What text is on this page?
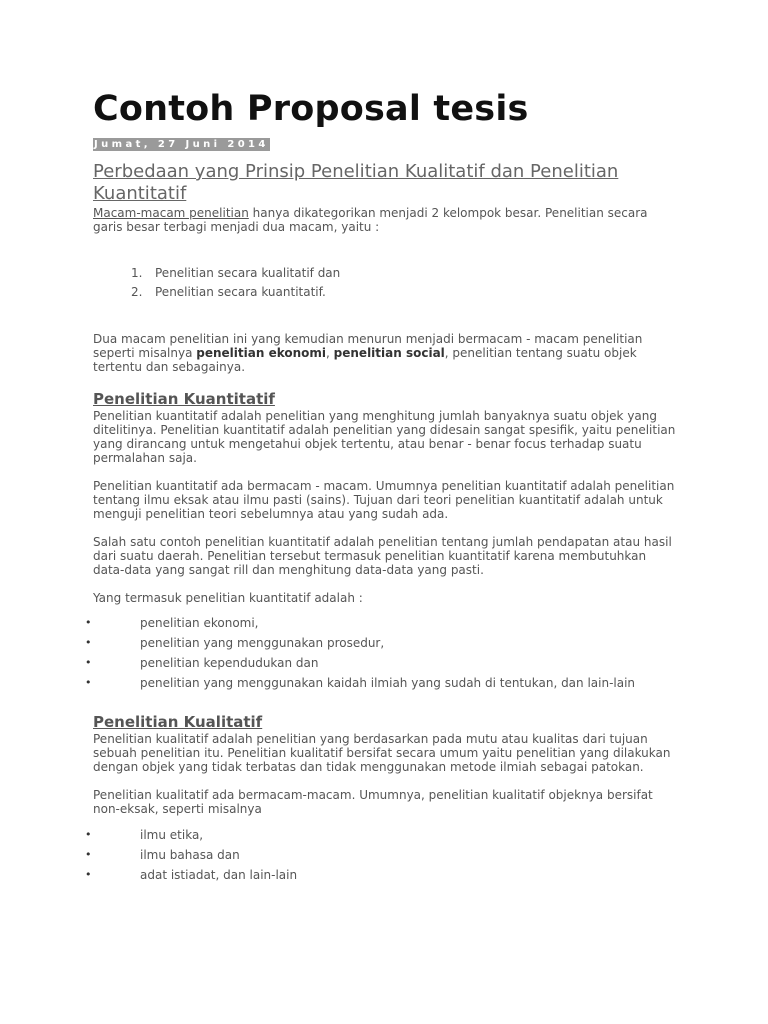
Contoh Proposal tesis
Jumat, 27 Juni 2014
Perbedaan yang Prinsip Penelitian Kualitatif dan Penelitian Kuantitatif

Macam-macam penelitian hanya dikategorikan menjadi 2 kelompok besar. Penelitian secara garis besar terbagi menjadi dua macam, yaitu :

1. Penelitian secara kualitatif dan
2. Penelitian secara kuantitatif.

Dua macam penelitian ini yang kemudian menurun menjadi bermacam - macam penelitian seperti misalnya penelitian ekonomi, penelitian social, penelitian tentang suatu objek tertentu dan sebagainya.

Penelitian Kuantitatif

Penelitian kuantitatif adalah penelitian yang menghitung jumlah banyaknya suatu objek yang ditelitinya. Penelitian kuantitatif adalah penelitian yang didesain sangat spesifik, yaitu penelitian yang dirancang untuk mengetahui objek tertentu, atau benar - benar focus terhadap suatu permalahan saja.

Penelitian kuantitatif ada bermacam - macam. Umumnya penelitian kuantitatif adalah penelitian tentang ilmu eksak atau ilmu pasti (sains). Tujuan dari teori penelitian kuantitatif adalah untuk menguji penelitian teori sebelumnya atau yang sudah ada.

Salah satu contoh penelitian kuantitatif adalah penelitian tentang jumlah pendapatan atau hasil dari suatu daerah. Penelitian tersebut termasuk penelitian kuantitatif karena membutuhkan data-data yang sangat rill dan menghitung data-data yang pasti.

Yang termasuk penelitian kuantitatif adalah :

•	penelitian ekonomi,
•	penelitian yang menggunakan prosedur,
•	penelitian kependudukan dan
•	penelitian yang menggunakan kaidah ilmiah yang sudah di tentukan, dan lain-lain
Penelitian Kualitatif

Penelitian kualitatif adalah penelitian yang berdasarkan pada mutu atau kualitas dari tujuan sebuah penelitian itu. Penelitian kualitatif bersifat secara umum yaitu penelitian yang dilakukan dengan objek yang tidak terbatas dan tidak menggunakan metode ilmiah sebagai patokan.

Penelitian kualitatif ada bermacam-macam. Umumnya, penelitian kualitatif objeknya bersifat non-eksak, seperti misalnya

•	ilmu etika,
•	ilmu bahasa dan
•	adat istiadat, dan lain-lain
